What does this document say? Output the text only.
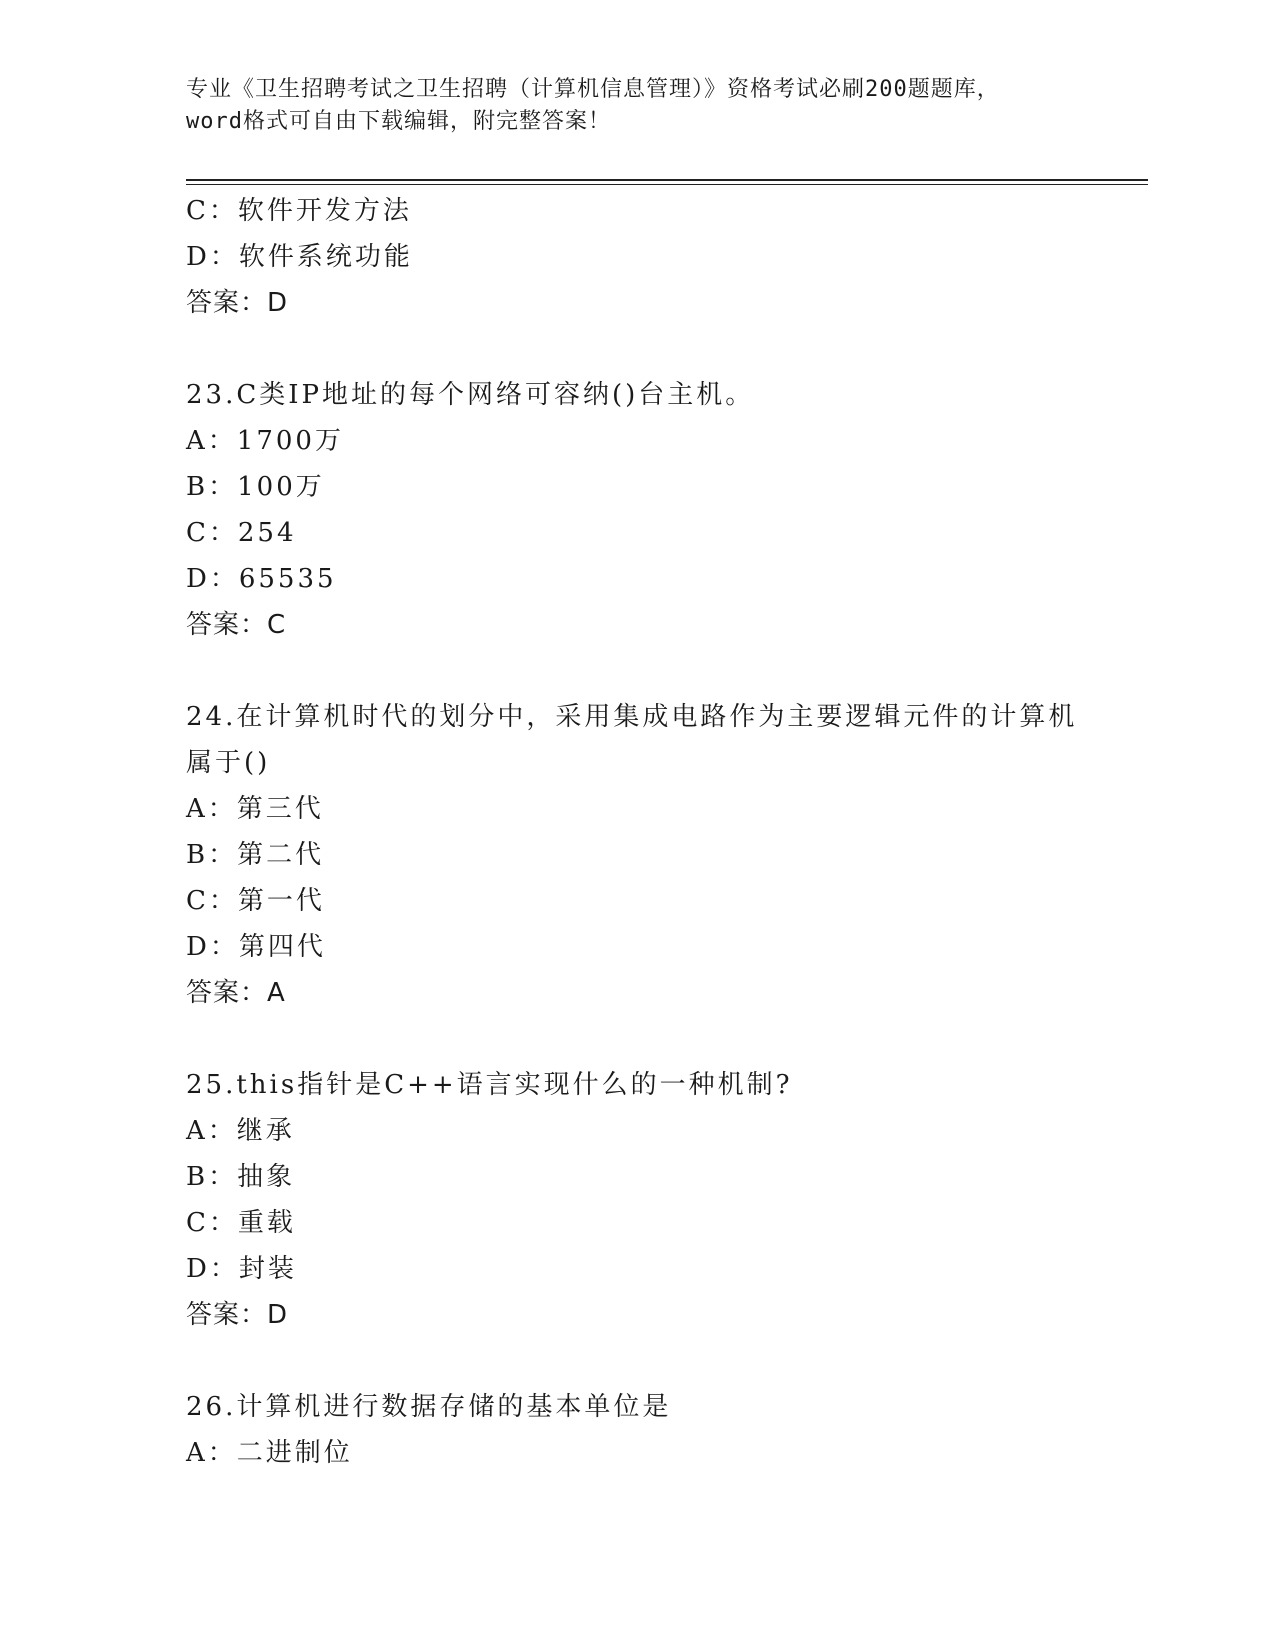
专业《卫生招聘考试之卫生招聘（计算机信息管理）》资格考试必刷200题题库，
word格式可自由下载编辑，附完整答案！
C：软件开发方法
D：软件系统功能
答案：D
23.C类IP地址的每个网络可容纳()台主机。
A：1700万
B：100万
C：254
D：65535
答案：C
24.在计算机时代的划分中，采用集成电路作为主要逻辑元件的计算机
属于()
A：第三代
B：第二代
C：第一代
D：第四代
答案：A
25.this指针是C++语言实现什么的一种机制?
A：继承
B：抽象
C：重载
D：封装
答案：D
26.计算机进行数据存储的基本单位是
A：二进制位
